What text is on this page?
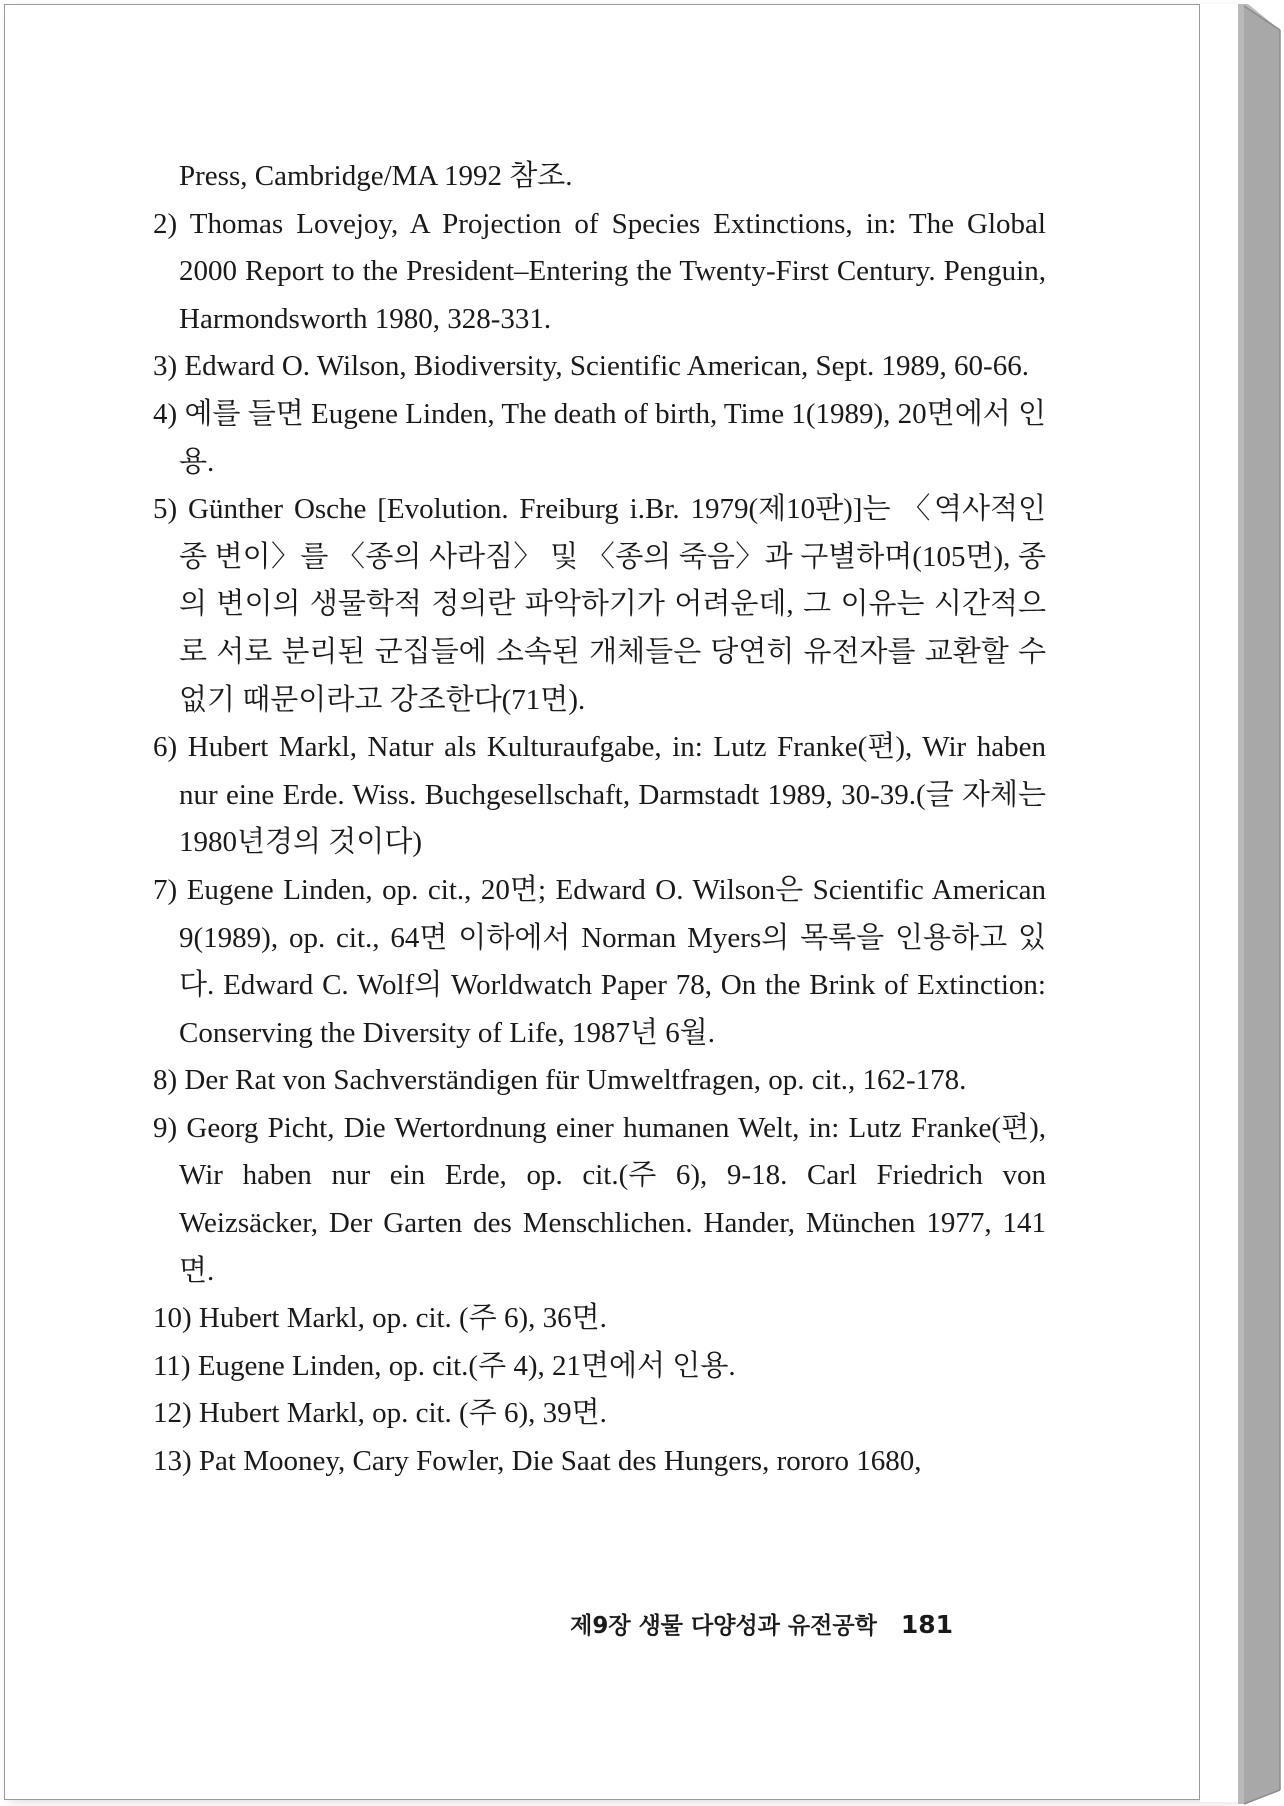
Press, Cambridge/MA 1992 참조.
2) Thomas Lovejoy, A Projection of Species Extinctions, in: The Global 2000 Report to the President–Entering the Twenty-First Century. Penguin, Harmondsworth 1980, 328-331.
3) Edward O. Wilson, Biodiversity, Scientific American, Sept. 1989, 60-66.
4) 예를 들면 Eugene Linden, The death of birth, Time 1(1989), 20면에서 인용.
5) Günther Osche [Evolution. Freiburg i.Br. 1979(제10판)]는 〈역사적인 종 변이〉를 〈종의 사라짐〉 및 〈종의 죽음〉과 구별하며(105면), 종의 변이의 생물학적 정의란 파악하기가 어려운데, 그 이유는 시간적으로 서로 분리된 군집들에 소속된 개체들은 당연히 유전자를 교환할 수 없기 때문이라고 강조한다(71면).
6) Hubert Markl, Natur als Kulturaufgabe, in: Lutz Franke(편), Wir haben nur eine Erde. Wiss. Buchgesellschaft, Darmstadt 1989, 30-39.(글 자체는 1980년경의 것이다)
7) Eugene Linden, op. cit., 20면; Edward O. Wilson은 Scientific American 9(1989), op. cit., 64면 이하에서 Norman Myers의 목록을 인용하고 있다. Edward C. Wolf의 Worldwatch Paper 78, On the Brink of Extinction: Conserving the Diversity of Life, 1987년 6월.
8) Der Rat von Sachverständigen für Umweltfragen, op. cit., 162-178.
9) Georg Picht, Die Wertordnung einer humanen Welt, in: Lutz Franke(편), Wir haben nur ein Erde, op. cit.(주 6), 9-18. Carl Friedrich von Weizsäcker, Der Garten des Menschlichen. Hander, München 1977, 141면.
10) Hubert Markl, op. cit. (주 6), 36면.
11) Eugene Linden, op. cit.(주 4), 21면에서 인용.
12) Hubert Markl, op. cit. (주 6), 39면.
13) Pat Mooney, Cary Fowler, Die Saat des Hungers, rororo 1680,
제9장 생물 다양성과 유전공학 181
